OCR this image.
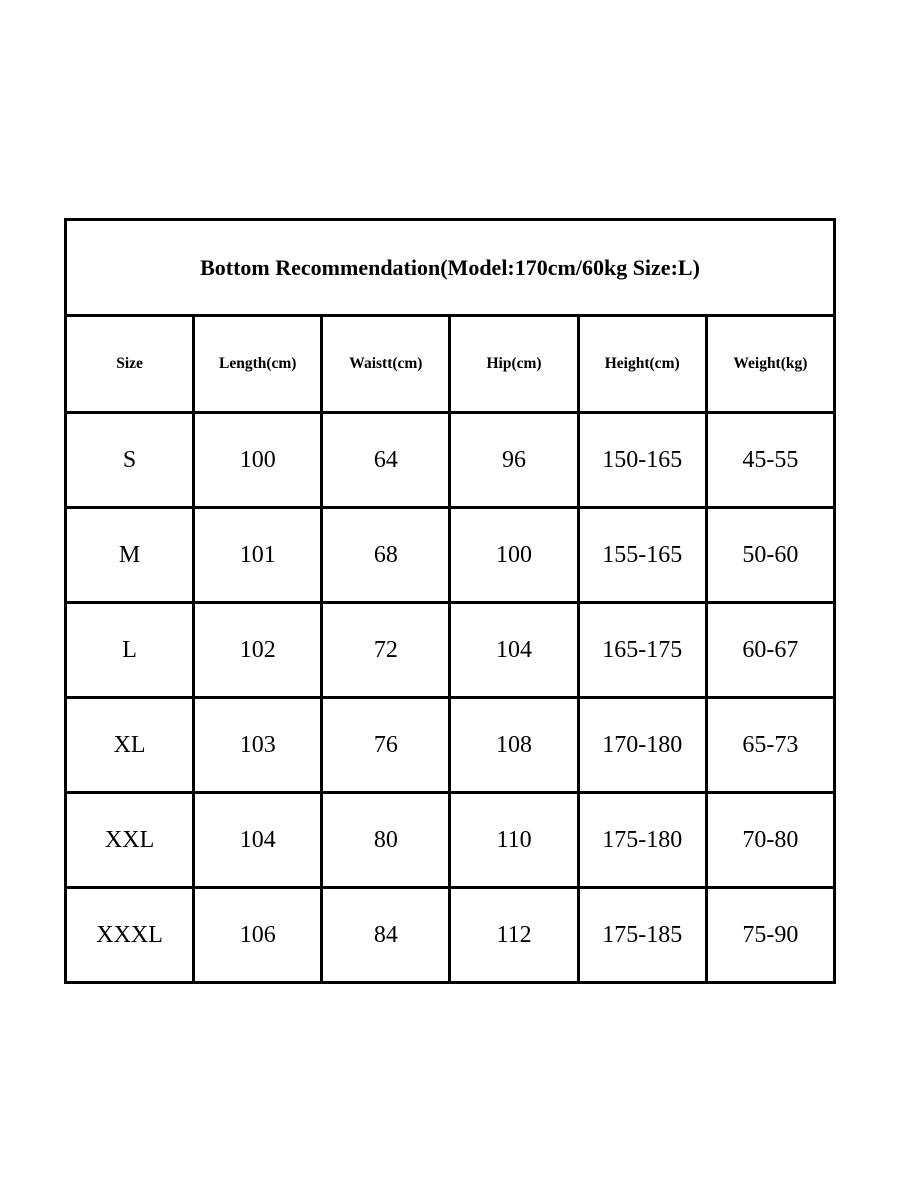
Bottom Recommendation(Model:170cm/60kg Size:L)					
Size	Length(cm)	Waistt(cm)	Hip(cm)	Height(cm)	Weight(kg)
S	100	64	96	150-165	45-55
M	101	68	100	155-165	50-60
L	102	72	104	165-175	60-67
XL	103	76	108	170-180	65-73
XXL	104	80	110	175-180	70-80
XXXL	106	84	112	175-185	75-90
